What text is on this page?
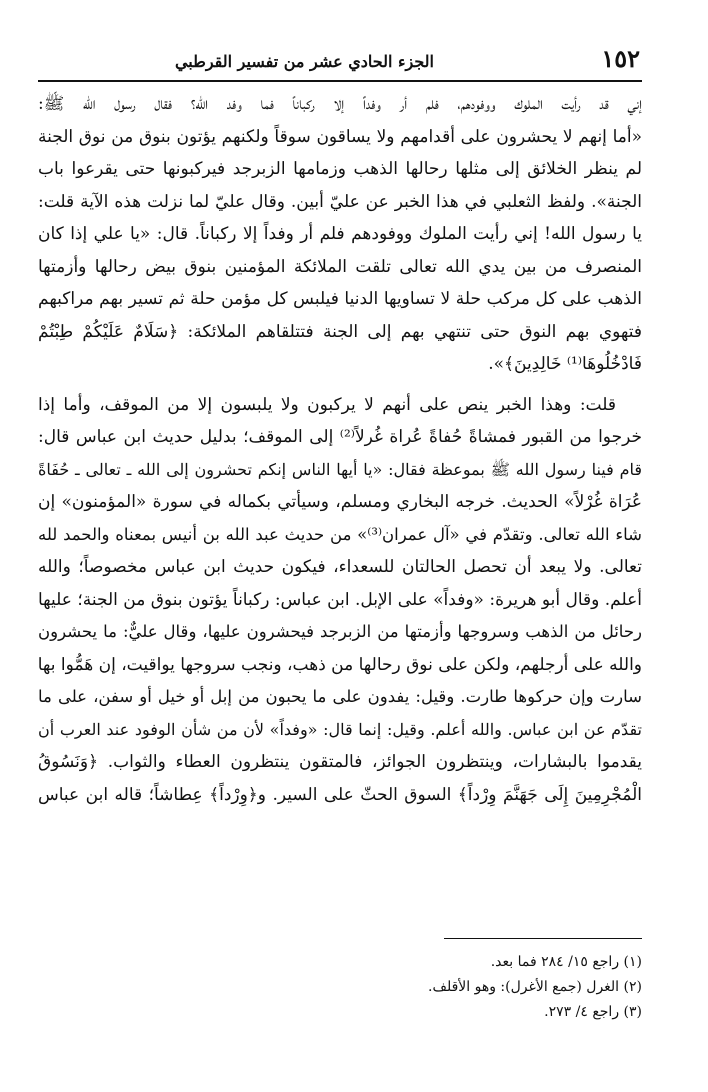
١٥٢
الجزء الحادي عشر من تفسير القرطبي

إني قد رأيت الملوك ووفودهم، فلم أر وفداً إلا ركباناً فما وفد الله؟ فقال رسول الله ﷺ:
«أما إنهم لا يحشرون على أقدامهم ولا يساقون سوقاً ولكنهم يؤتون بنوق من نوق الجنة
لم ينظر الخلائق إلى مثلها رحالها الذهب وزمامها الزبرجد فيركبونها حتى يقرعوا باب
الجنة». ولفظ الثعلبي في هذا الخبر عن عليّ أبين. وقال عليّ لما نزلت هذه الآية قلت:
يا رسول الله! إني رأيت الملوك ووفودهم فلم أر وفداً إلا ركباناً. قال: «يا علي إذا كان
المنصرف من بين يدي الله تعالى تلقت الملائكة المؤمنين بنوق بيض رحالها وأزمتها
الذهب على كل مركب حلة لا تساويها الدنيا فيلبس كل مؤمن حلة ثم تسير بهم مراكبهم
فتهوي بهم النوق حتى تنتهي بهم إلى الجنة فتتلقاهم الملائكة: ﴿سَلَامٌ عَلَيْكُمْ طِبْتُمْ
فَادْخُلُوهَا⁽¹⁾ خَالِدِينَ﴾».

قلت: وهذا الخبر ينص على أنهم لا يركبون ولا يلبسون إلا من الموقف، وأما إذا
خرجوا من القبور فمشاةً حُفاةً عُراة غُرلاً⁽²⁾ إلى الموقف؛ بدليل حديث ابن عباس قال:
قام فينا رسول الله ﷺ بموعظة فقال: «يا أيها الناس إنكم تحشرون إلى الله ـ تعالى ـ حُفَاةً
عُرَاة غُرْلاً» الحديث. خرجه البخاري ومسلم، وسيأتي بكماله في سورة «المؤمنون» إن
شاء الله تعالى. وتقدّم في «آل عمران⁽³⁾» من حديث عبد الله بن أنيس بمعناه والحمد لله
تعالى. ولا يبعد أن تحصل الحالتان للسعداء، فيكون حديث ابن عباس مخصوصاً؛ والله
أعلم. وقال أبو هريرة: «وفداً» على الإبل. ابن عباس: ركباناً يؤتون بنوق من الجنة؛ عليها
رحائل من الذهب وسروجها وأزمتها من الزبرجد فيحشرون عليها، وقال عليٌّ: ما يحشرون
والله على أرجلهم، ولكن على نوق رحالها من ذهب، ونجب سروجها يواقيت، إن هَمُّوا بها
سارت وإن حركوها طارت. وقيل: يفدون على ما يحبون من إبل أو خيل أو سفن، على ما
تقدّم عن ابن عباس. والله أعلم. وقيل: إنما قال: «وفداً» لأن من شأن الوفود عند العرب أن
يقدموا بالبشارات، وينتظرون الجوائز، فالمتقون ينتظرون العطاء والثواب. ﴿وَنَسُوقُ
الْمُجْرِمِينَ إِلَى جَهَنَّمَ وِرْداً﴾ السوق الحثّ على السير. و﴿وِرْداً﴾ عِطاشاً؛ قاله ابن عباس

(١) راجع ١٥/ ٢٨٤ فما بعد.
(٢) الغرل (جمع الأغرل): وهو الأقلف.
(٣) راجع ٤/ ٢٧٣.
